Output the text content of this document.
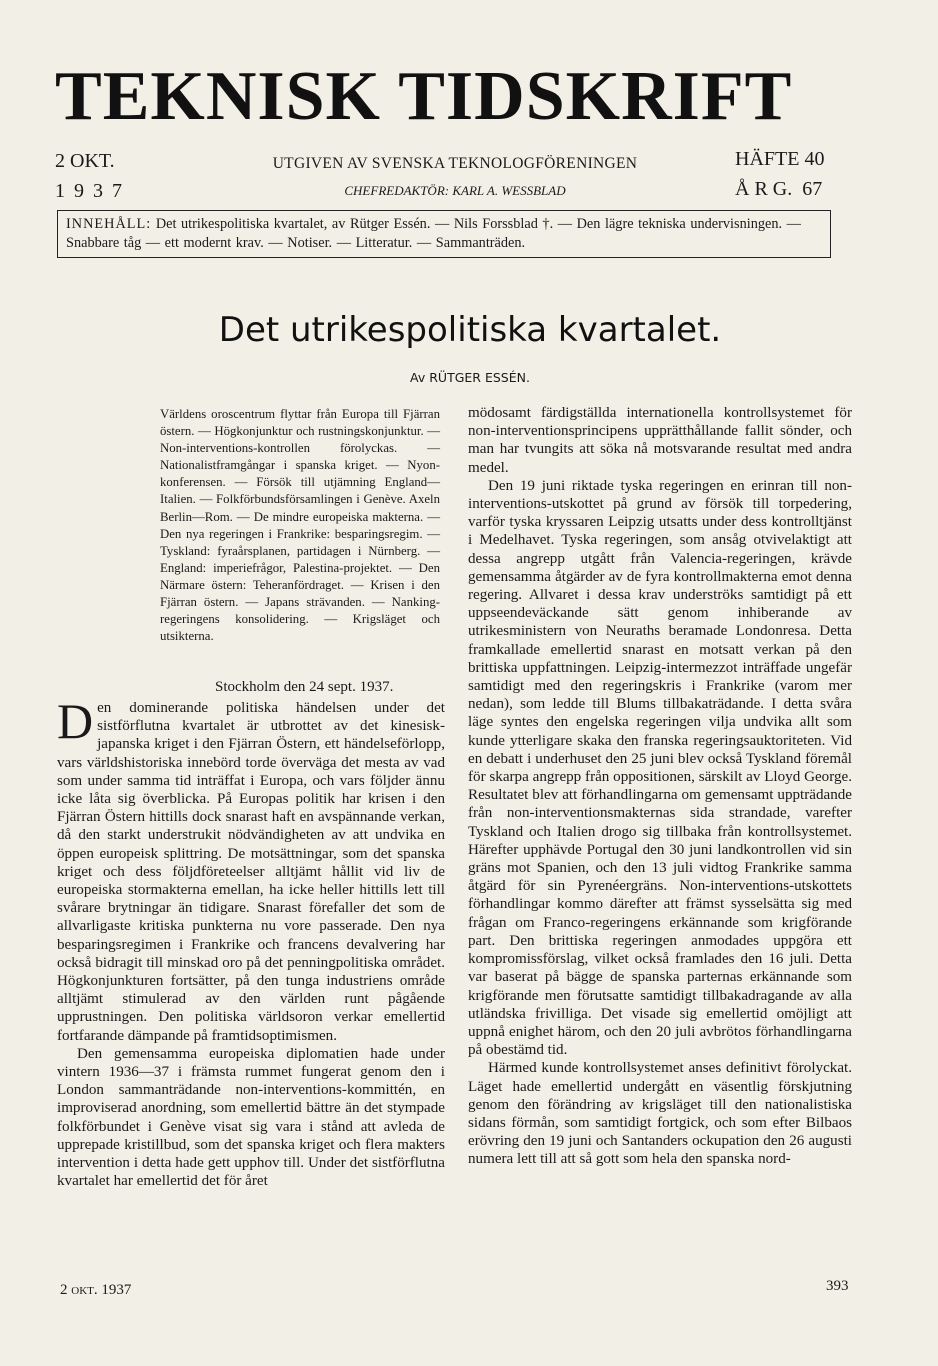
TEKNISK TIDSKRIFT
2 OKT.	UTGIVEN AV SVENSKA TEKNOLOGFÖRENINGEN	HÄFTE 40
1 9 3 7	CHEFREDAKTÖR: KARL A. WESSBLAD	Å R G.  67
INNEHÅLL: Det utrikespolitiska kvartalet, av Rütger Essén. — Nils Forssblad †. — Den lägre tekniska undervisningen. — Snabbare tåg — ett modernt krav. — Notiser. — Litteratur. — Sammanträden.
Det utrikespolitiska kvartalet.
Av RÜTGER ESSÉN.
Världens oroscentrum flyttar från Europa till Fjärran östern. — Högkonjunktur och rustningskonjunktur. — Non-interventions-kontrollen förolyckas. — Nationalistframgångar i spanska kriget. — Nyon-konferensen. — Försök till utjämning England—Italien. — Folkförbundsförsamlingen i Genève. Axeln Berlin—Rom. — De mindre europeiska makterna. — Den nya regeringen i Frankrike: besparingsregim. — Tyskland: fyraårsplanen, partidagen i Nürnberg. — England: imperiefrågor, Palestina-projektet. — Den Närmare östern: Teheranfördraget. — Krisen i den Fjärran östern. — Japans strävanden. — Nanking-regeringens konsolidering. — Krigsläget och utsikterna.
Stockholm den 24 sept. 1937.

Den dominerande politiska händelsen under det sistförflutna kvartalet är utbrottet av det kinesisk-japanska kriget i den Fjärran Östern, ett händelseförlopp, vars världshistoriska innebörd torde överväga det mesta av vad som under samma tid inträffat i Europa, och vars följder ännu icke låta sig överblicka. På Europas politik har krisen i den Fjärran Östern hittills dock snarast haft en avspännande verkan, då den starkt understrukit nödvändigheten av att undvika en öppen europeisk splittring. De motsättningar, som det spanska kriget och dess följdföreteelser alltjämt hållit vid liv de europeiska stormakterna emellan, ha icke heller hittills lett till svårare brytningar än tidigare. Snarast förefaller det som de allvarligaste kritiska punkterna nu vore passerade. Den nya besparingsregimen i Frankrike och francens devalvering har också bidragit till minskad oro på det penningpolitiska området. Högkonjunkturen fortsätter, på den tunga industriens område alltjämt stimulerad av den världen runt pågående upprustningen. Den politiska världsoron verkar emellertid fortfarande dämpande på framtidsoptimismen.

Den gemensamma europeiska diplomatien hade under vintern 1936—37 i främsta rummet fungerat genom den i London sammanträdande non-interventions-kommittén, en improviserad anordning, som emellertid bättre än det stympade folkförbundet i Genève visat sig vara i stånd att avleda de upprepade kristillbud, som det spanska kriget och flera makters intervention i detta hade gett upphov till. Under det sistförflutna kvartalet har emellertid det för året

mödosamt färdigställda internationella kontrollsystemet för non-interventionsprincipens upprätthållande fallit sönder, och man har tvungits att söka nå motsvarande resultat med andra medel.

Den 19 juni riktade tyska regeringen en erinran till non-interventions-utskottet på grund av försök till torpedering, varför tyska kryssaren Leipzig utsatts under dess kontrolltjänst i Medelhavet. Tyska regeringen, som ansåg otvivelaktigt att dessa angrepp utgått från Valencia-regeringen, krävde gemensamma åtgärder av de fyra kontrollmakterna emot denna regering. Allvaret i dessa krav underströks samtidigt på ett uppseendeväckande sätt genom inhiberande av utrikesministern von Neuraths beramade Londonresa. Detta framkallade emellertid snarast en motsatt verkan på den brittiska uppfattningen. Leipzig-intermezzot inträffade ungefär samtidigt med den regeringskris i Frankrike (varom mer nedan), som ledde till Blums tillbakaträdande. I detta svåra läge syntes den engelska regeringen vilja undvika allt som kunde ytterligare skaka den franska regeringsauktoriteten. Vid en debatt i underhuset den 25 juni blev också Tyskland föremål för skarpa angrepp från oppositionen, särskilt av Lloyd George. Resultatet blev att förhandlingarna om gemensamt uppträdande från non-interventionsmakternas sida strandade, varefter Tyskland och Italien drogo sig tillbaka från kontrollsystemet. Härefter upphävde Portugal den 30 juni landkontrollen vid sin gräns mot Spanien, och den 13 juli vidtog Frankrike samma åtgärd för sin Pyrenéergräns. Non-interventions-utskottets förhandlingar kommo därefter att främst sysselsätta sig med frågan om Franco-regeringens erkännande som krigförande part. Den brittiska regeringen anmodades uppgöra ett kompromissförslag, vilket också framlades den 16 juli. Detta var baserat på bägge de spanska parternas erkännande som krigförande men förutsatte samtidigt tillbakadragande av alla utländska frivilliga. Det visade sig emellertid omöjligt att uppnå enighet härom, och den 20 juli avbrötos förhandlingarna på obestämd tid.

Härmed kunde kontrollsystemet anses definitivt förolyckat. Läget hade emellertid undergått en väsentlig förskjutning genom den förändring av krigsläget till den nationalistiska sidans förmån, som samtidigt fortgick, och som efter Bilbaos erövring den 19 juni och Santanders ockupation den 26 augusti numera lett till att så gott som hela den spanska nord-

2 okt. 1937	393
